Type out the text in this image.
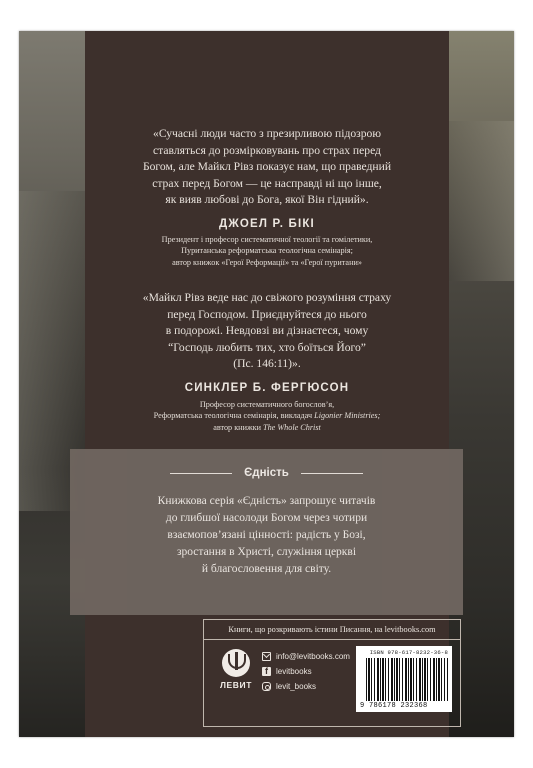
«Сучасні люди часто з презирливою підозрою
ставляться до розмірковувань про страх перед
Богом, але Майкл Рівз показує нам, що праведний
страх перед Богом — це насправді ні що інше,
як вияв любові до Бога, якої Він гідний».
ДЖОЕЛ Р. БІКІ
Президент і професор систематичної теології та гомілетики,
Пуританська реформатська теологічна семінарія;
автор книжок «Герої Реформації» та «Герої пуритани»
«Майкл Рівз веде нас до свіжого розуміння страху
перед Господом. Приєднуйтеся до нього
в подорожі. Невдовзі ви дізнаєтеся, чому
“Господь любить тих, хто боїться Його”
(Пс. 146:11)».
СИНКЛЕР Б. ФЕРГЮСОН
Професор систематичного богослов’я,
Реформатська теологічна семінарія, викладач Ligonier Ministries;
автор книжки The Whole Christ
Книги, що розкривають істини Писання, на levitbooks.com
ЛЕВИТ
info@levitbooks.com
f
levitbooks
levit_books
ISBN 978-617-8232-36-8
9 786178 232368
Єдність
Книжкова серія «Єдність» запрошує читачів
до глибшої насолоди Богом через чотири
взаємопов’язані цінності: радість у Бозі,
зростання в Христі, служіння церкві
й благословення для світу.
